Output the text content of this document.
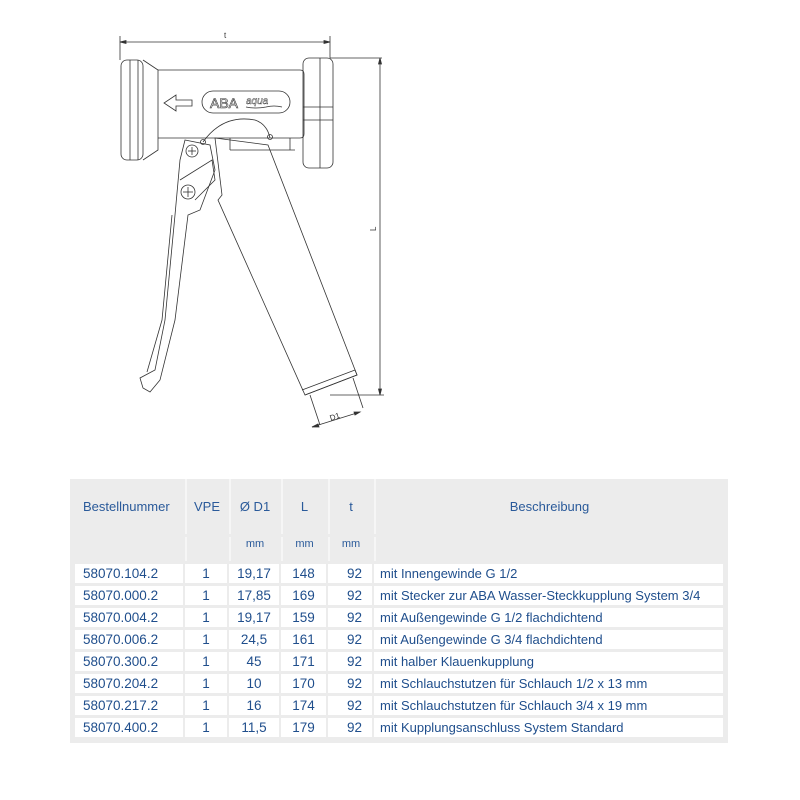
t
L
ABA aqua
D1
Bestellnummer	VPE	Ø D1	L	t	Beschreibung
		mm	mm	mm	
58070.104.2	1	19,17	148	92	mit Innengewinde G 1/2
58070.000.2	1	17,85	169	92	mit Stecker zur ABA Wasser-Steckkupplung System 3/4
58070.004.2	1	19,17	159	92	mit Außengewinde G 1/2 flachdichtend
58070.006.2	1	24,5	161	92	mit Außengewinde G 3/4 flachdichtend
58070.300.2	1	45	171	92	mit halber Klauenkupplung
58070.204.2	1	10	170	92	mit Schlauchstutzen für Schlauch 1/2 x 13 mm
58070.217.2	1	16	174	92	mit Schlauchstutzen für Schlauch 3/4 x 19 mm
58070.400.2	1	11,5	179	92	mit Kupplungsanschluss System Standard
